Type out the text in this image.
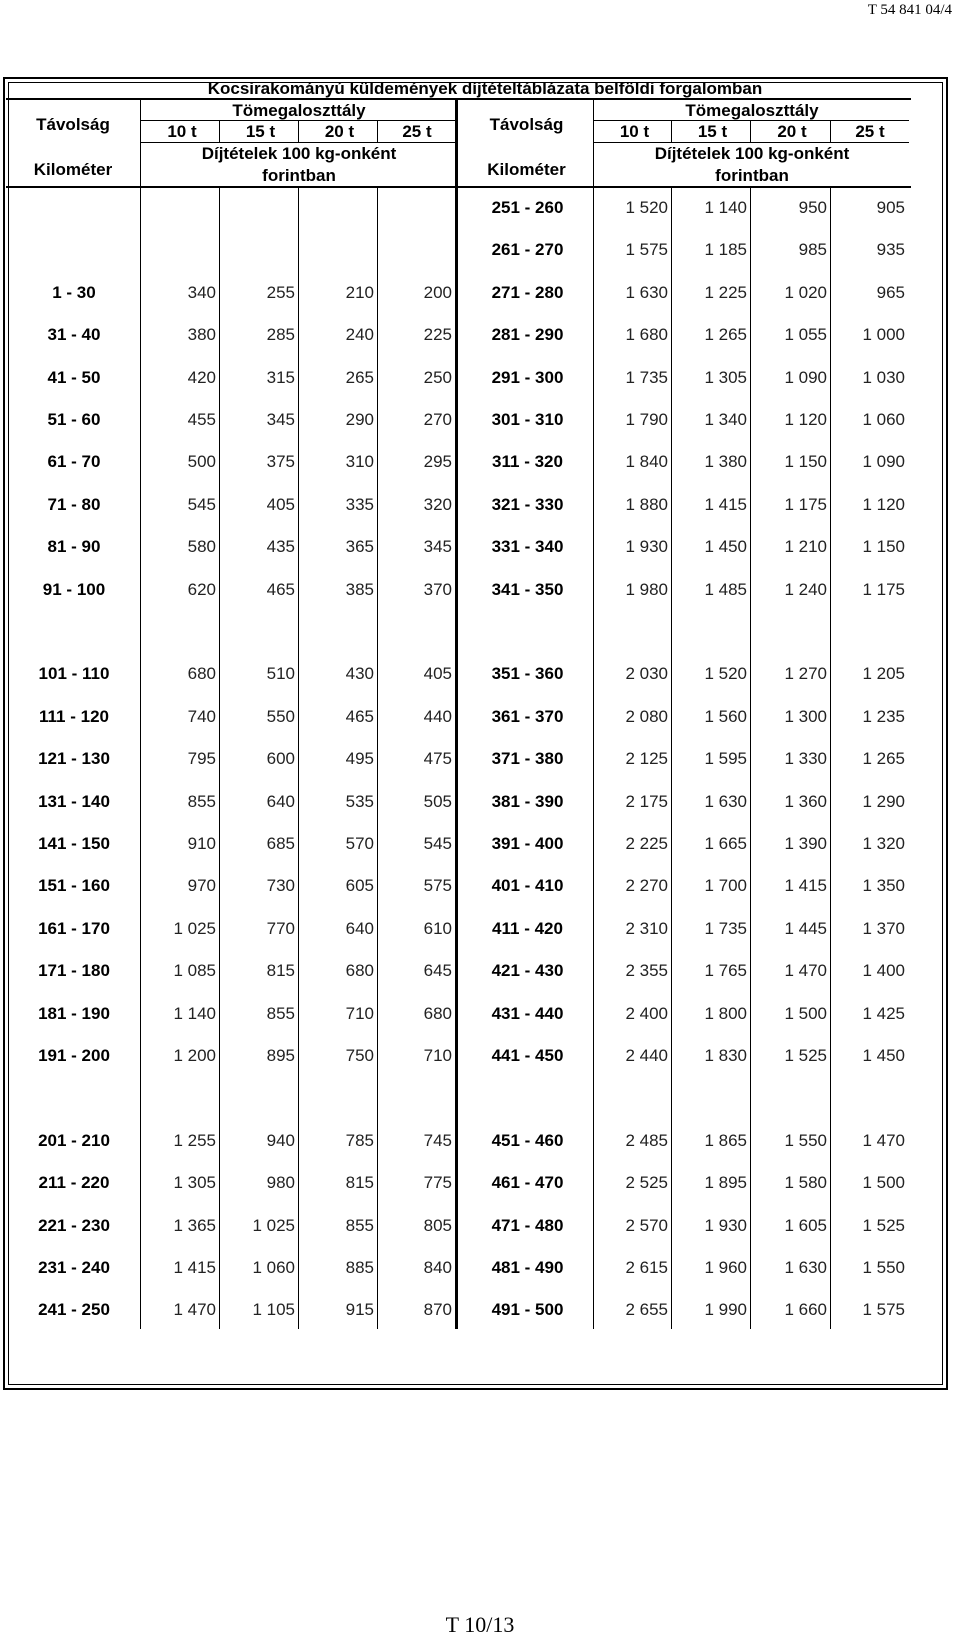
T 54 841 04/4
Kocsirakományú küldemények díjtételtáblázata belföldi forgalomban
Távolság
Kilométer
Tömegaloszttály
10 t	15 t	20 t	25 t
Díjtételek 100 kg-onként
forintban
Távolság
Kilométer
Tömegaloszttály
10 t	15 t	20 t	25 t
Díjtételek 100 kg-onként
forintban
1 - 30	340	255	210	200
31 - 40	380	285	240	225
41 - 50	420	315	265	250
51 - 60	455	345	290	270
61 - 70	500	375	310	295
71 - 80	545	405	335	320
81 - 90	580	435	365	345
91 - 100	620	465	385	370
101 - 110	680	510	430	405
111 - 120	740	550	465	440
121 - 130	795	600	495	475
131 - 140	855	640	535	505
141 - 150	910	685	570	545
151 - 160	970	730	605	575
161 - 170	1 025	770	640	610
171 - 180	1 085	815	680	645
181 - 190	1 140	855	710	680
191 - 200	1 200	895	750	710
201 - 210	1 255	940	785	745
211 - 220	1 305	980	815	775
221 - 230	1 365	1 025	855	805
231 - 240	1 415	1 060	885	840
241 - 250	1 470	1 105	915	870
251 - 260	1 520	1 140	950	905
261 - 270	1 575	1 185	985	935
271 - 280	1 630	1 225	1 020	965
281 - 290	1 680	1 265	1 055	1 000
291 - 300	1 735	1 305	1 090	1 030
301 - 310	1 790	1 340	1 120	1 060
311 - 320	1 840	1 380	1 150	1 090
321 - 330	1 880	1 415	1 175	1 120
331 - 340	1 930	1 450	1 210	1 150
341 - 350	1 980	1 485	1 240	1 175
351 - 360	2 030	1 520	1 270	1 205
361 - 370	2 080	1 560	1 300	1 235
371 - 380	2 125	1 595	1 330	1 265
381 - 390	2 175	1 630	1 360	1 290
391 - 400	2 225	1 665	1 390	1 320
401 - 410	2 270	1 700	1 415	1 350
411 - 420	2 310	1 735	1 445	1 370
421 - 430	2 355	1 765	1 470	1 400
431 - 440	2 400	1 800	1 500	1 425
441 - 450	2 440	1 830	1 525	1 450
451 - 460	2 485	1 865	1 550	1 470
461 - 470	2 525	1 895	1 580	1 500
471 - 480	2 570	1 930	1 605	1 525
481 - 490	2 615	1 960	1 630	1 550
491 - 500	2 655	1 990	1 660	1 575
T 10/13
